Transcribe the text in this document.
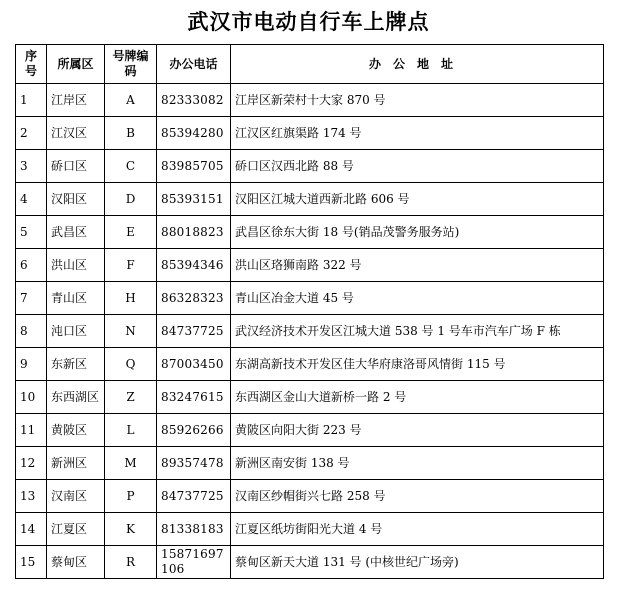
武汉市电动自行车上牌点
序号	所属区	号牌编码	办公电话	办公地址
1	江岸区	A	82333082	江岸区新荣村十大家 870 号
2	江汉区	B	85394280	江汉区红旗渠路 174 号
3	硚口区	C	83985705	硚口区汉西北路 88 号
4	汉阳区	D	85393151	汉阳区江城大道西新北路 606 号
5	武昌区	E	88018823	武昌区徐东大街 18 号(销品茂警务服务站)
6	洪山区	F	85394346	洪山区珞狮南路 322 号
7	青山区	H	86328323	青山区冶金大道 45 号
8	沌口区	N	84737725	武汉经济技术开发区江城大道 538 号 1 号车市汽车广场 F 栋
9	东新区	Q	87003450	东湖高新技术开发区佳大华府康洛哥风情街 115 号
10	东西湖区	Z	83247615	东西湖区金山大道新桥一路 2 号
11	黄陂区	L	85926266	黄陂区向阳大街 223 号
12	新洲区	M	89357478	新洲区南安街 138 号
13	汉南区	P	84737725	汉南区纱帽街兴七路 258 号
14	江夏区	K	81338183	江夏区纸坊街阳光大道 4 号
15	蔡甸区	R	15871697106	蔡甸区新天大道 131 号 (中核世纪广场旁)
